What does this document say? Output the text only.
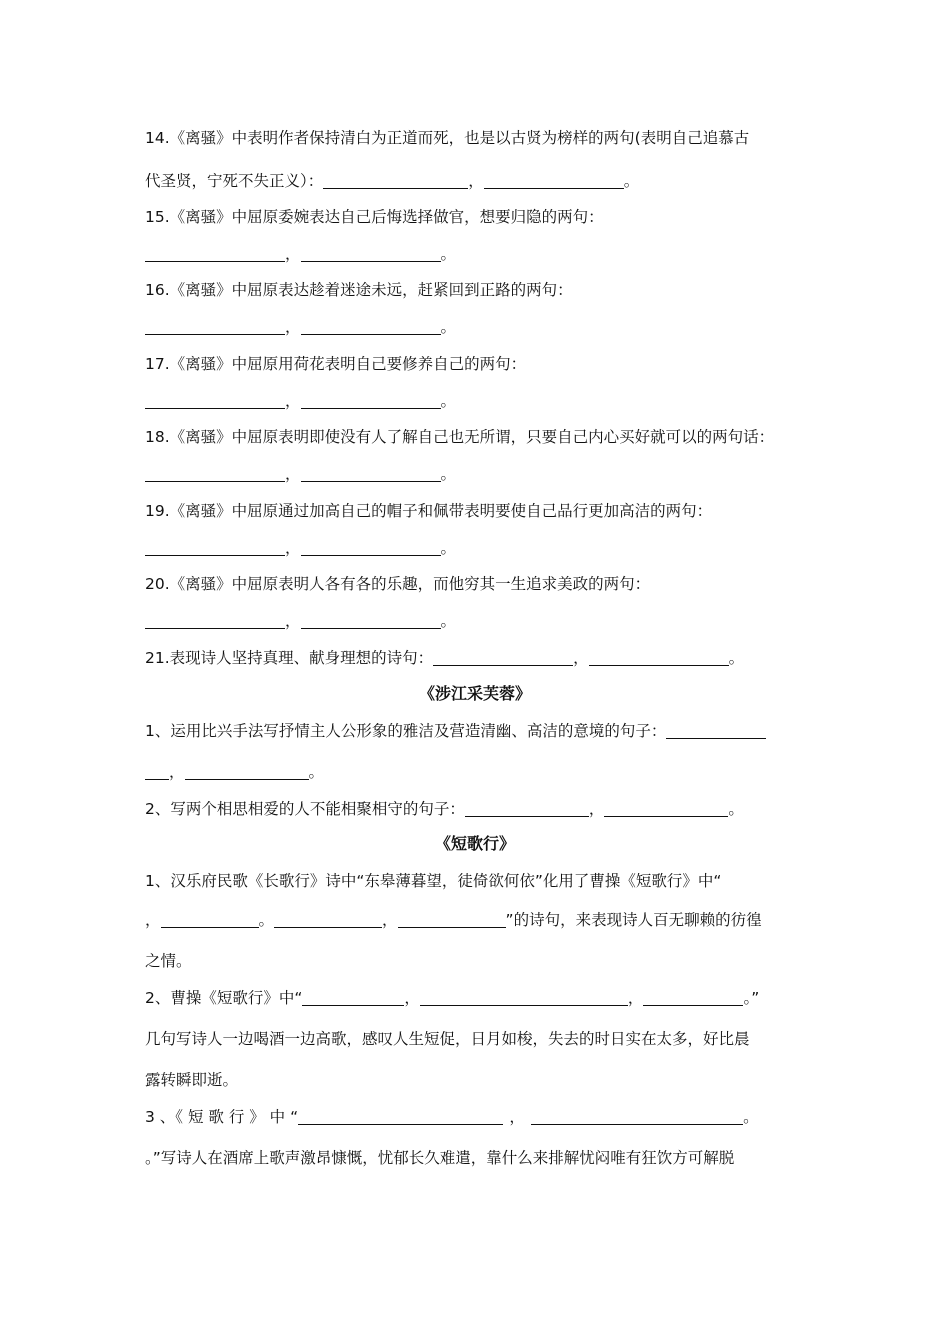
14.《离骚》中表明作者保持清白为正道而死，也是以古贤为榜样的两句(表明自己追慕古
代圣贤，宁死不失正义）：	，	。
15.《离骚》中屈原委婉表达自己后悔选择做官，想要归隐的两句：
，	。
16.《离骚》中屈原表达趁着迷途未远，赶紧回到正路的两句：
，	。
17.《离骚》中屈原用荷花表明自己要修养自己的两句：
，	。
18.《离骚》中屈原表明即使没有人了解自己也无所谓，只要自己内心买好就可以的两句话：
，	。
19.《离骚》中屈原通过加高自己的帽子和佩带表明要使自己品行更加高洁的两句：
，	。
20.《离骚》中屈原表明人各有各的乐趣，而他穷其一生追求美政的两句：
，	。
21.表现诗人坚持真理、献身理想的诗句：	，	。
《涉江采芙蓉》
1、运用比兴手法写抒情主人公形象的雅洁及营造清幽、高洁的意境的句子：
，	。
2、写两个相思相爱的人不能相聚相守的句子：	，	。
《短歌行》
1、汉乐府民歌《长歌行》诗中“东皋薄暮望，徒倚欲何依”化用了曹操《短歌行》中“
，	。	，	”的诗句，来表现诗人百无聊赖的彷徨
之情。
2、曹操《短歌行》中“	，	，	。”
几句写诗人一边喝酒一边高歌，感叹人生短促，日月如梭，失去的时日实在太多，好比晨
露转瞬即逝。
3 、《 短 歌 行 》 中 “	，	。
。”写诗人在酒席上歌声激昂慷慨，忧郁长久难遣，靠什么来排解忧闷唯有狂饮方可解脱
